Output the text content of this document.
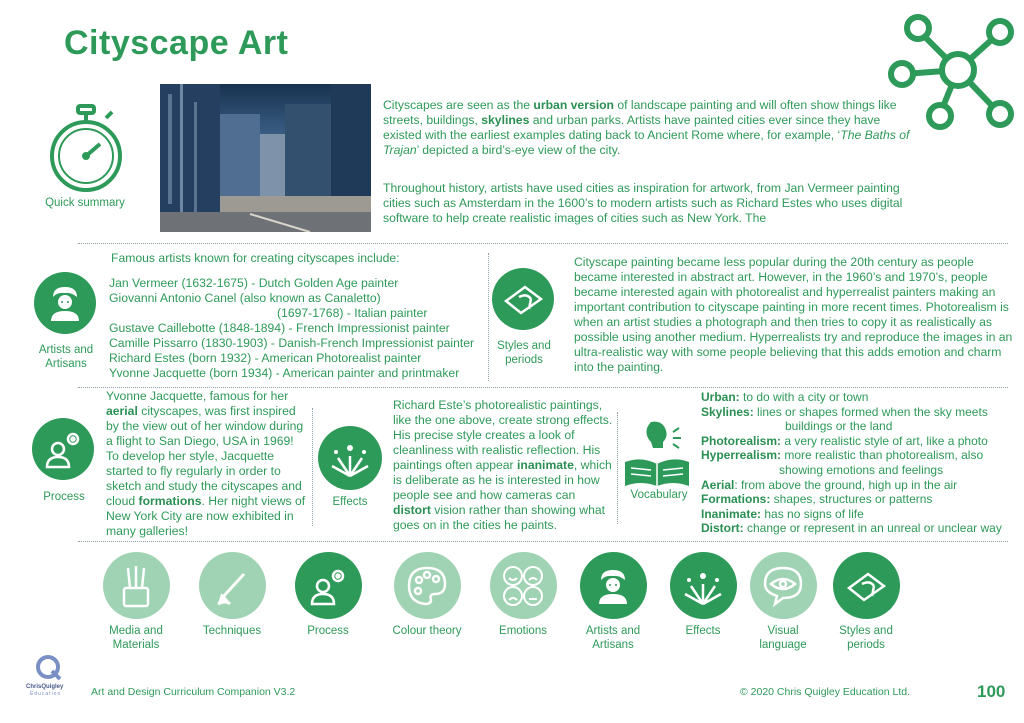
Cityscape Art
Quick summary
Cityscapes are seen as the urban version of landscape painting and will often show things like streets, buildings, skylines and urban parks. Artists have painted cities ever since they have existed with the earliest examples dating back to Ancient Rome where, for example, ‘The Baths of Trajan’ depicted a bird’s-eye view of the city.
Throughout history, artists have used cities as inspiration for artwork, from Jan Vermeer painting cities such as Amsterdam in the 1600’s to modern artists such as Richard Estes who uses digital software to help create realistic images of cities such as New York. The
Artists and Artisans
Famous artists known for creating cityscapes include:
Jan Vermeer (1632-1675) - Dutch Golden Age painter
Giovanni Antonio Canel (also known as Canaletto)
(1697-1768) - Italian painter
Gustave Caillebotte (1848-1894) - French Impressionist painter
Camille Pissarro (1830-1903) - Danish-French Impressionist painter
Richard Estes (born 1932) - American Photorealist painter
Yvonne Jacquette (born 1934) - American painter and printmaker
Styles and periods
Cityscape painting became less popular during the 20th century as people became interested in abstract art. However, in the 1960’s and 1970’s, people became interested again with photorealist and hyperrealist painters making an important contribution to cityscape painting in more recent times. Photorealism is when an artist studies a photograph and then tries to copy it as realistically as possible using another medium. Hyperrealists try and reproduce the images in an ultra-realistic way with some people believing that this adds emotion and charm into the painting.
Process
Yvonne Jacquette, famous for her aerial cityscapes, was first inspired by the view out of her window during a flight to San Diego, USA in 1969! To develop her style, Jacquette started to fly regularly in order to sketch and study the cityscapes and cloud formations. Her night views of New York City are now exhibited in many galleries!
Effects
Richard Este’s photorealistic paintings, like the one above, create strong effects. His precise style creates a look of cleanliness with realistic reflection. His paintings often appear inanimate, which is deliberate as he is interested in how people see and how cameras can distort vision rather than showing what goes on in the cities he paints.
Vocabulary
Urban: to do with a city or town
Skylines: lines or shapes formed when the sky meets
buildings or the land
Photorealism: a very realistic style of art, like a photo
Hyperrealism: more realistic than photorealism, also
showing emotions and feelings
Aerial: from above the ground, high up in the air
Formations: shapes, structures or patterns
Inanimate: has no signs of life
Distort: change or represent in an unreal or unclear way
Media and Materials
Techniques	Process	Colour theory	Emotions	Artists and Artisans
Effects	Visual language
Styles and periods
ChrisQuigley
Education	Art and Design Curriculum Companion V3.2	© 2020 Chris Quigley Education Ltd.	100
